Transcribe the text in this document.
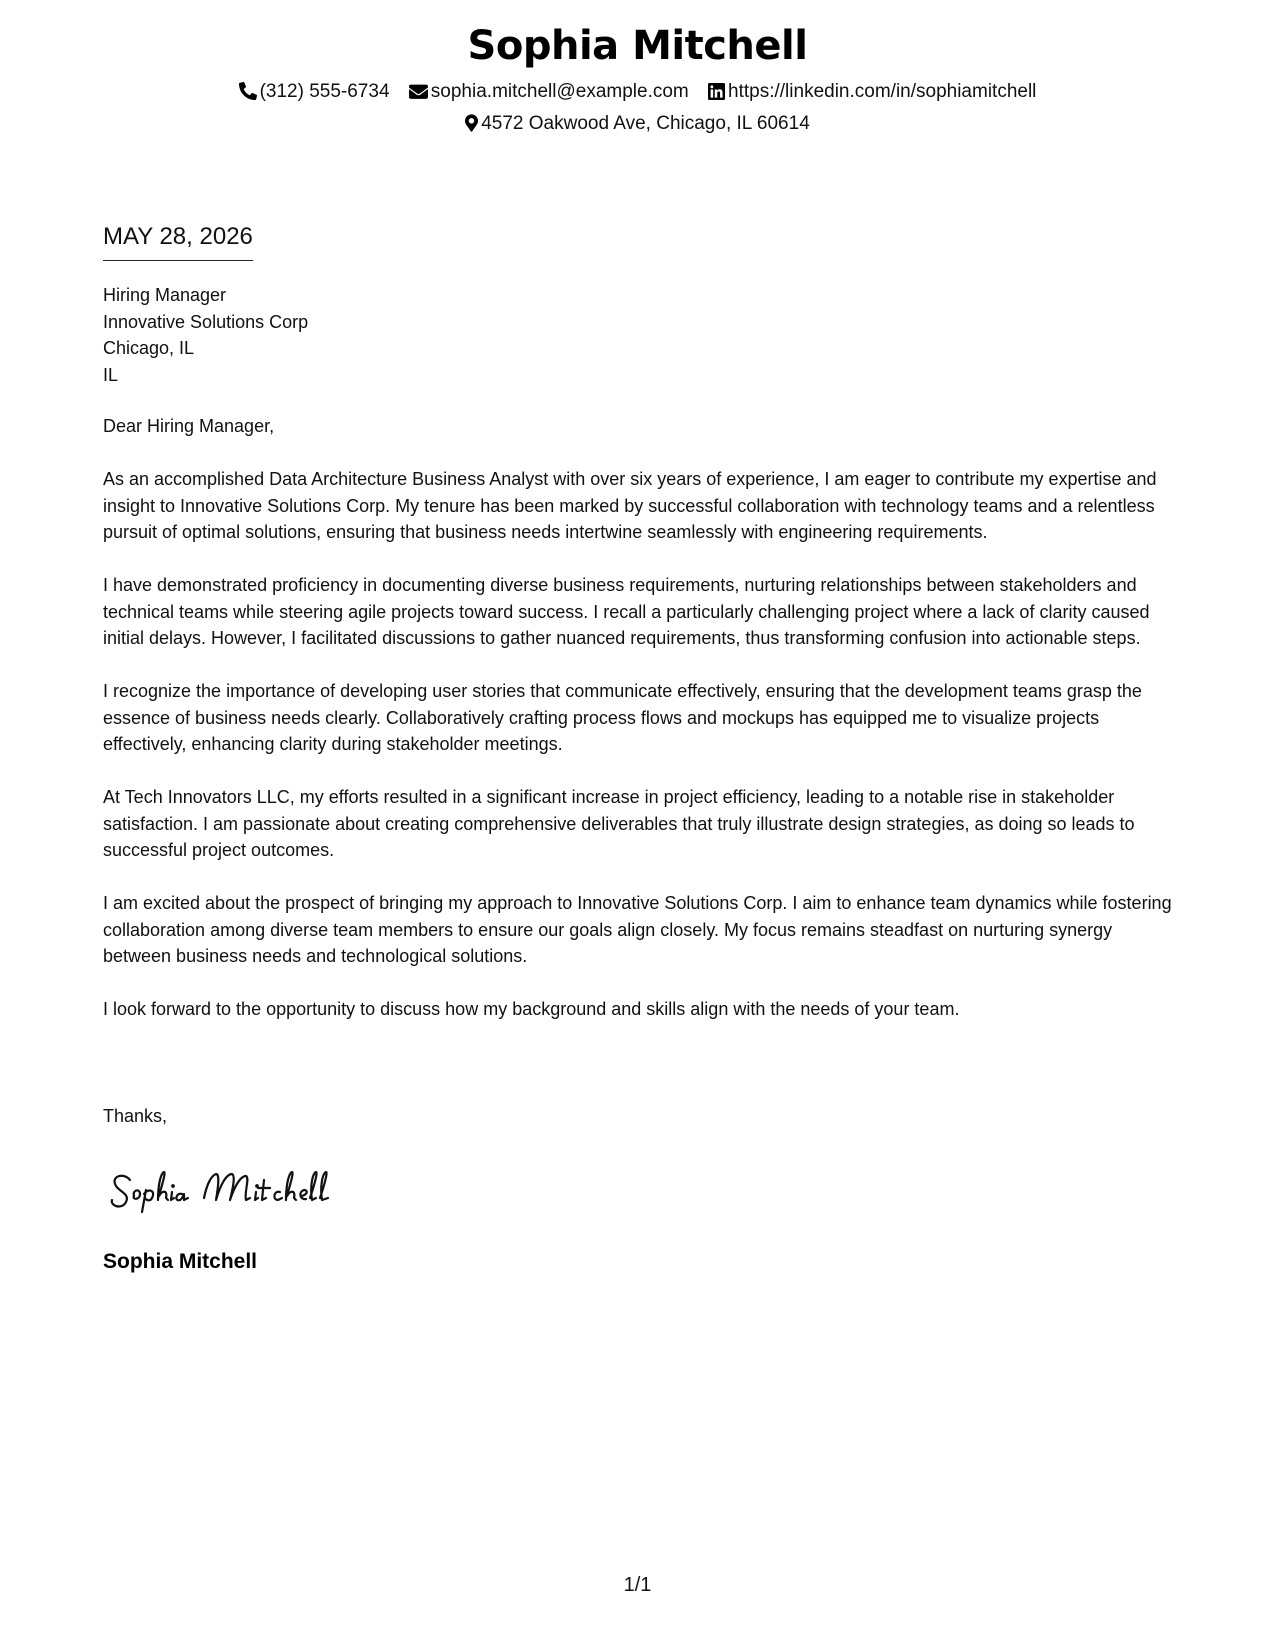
Sophia Mitchell
(312) 555-6734 sophia.mitchell@example.com https://linkedin.com/in/sophiamitchell
4572 Oakwood Ave, Chicago, IL 60614
MAY 28, 2026
Hiring Manager
Innovative Solutions Corp
Chicago, IL
IL

Dear Hiring Manager,

As an accomplished Data Architecture Business Analyst with over six years of experience, I am eager to contribute my expertise and insight to Innovative Solutions Corp. My tenure has been marked by successful collaboration with technology teams and a relentless pursuit of optimal solutions, ensuring that business needs intertwine seamlessly with engineering requirements.

I have demonstrated proficiency in documenting diverse business requirements, nurturing relationships between stakeholders and technical teams while steering agile projects toward success. I recall a particularly challenging project where a lack of clarity caused initial delays. However, I facilitated discussions to gather nuanced requirements, thus transforming confusion into actionable steps.

I recognize the importance of developing user stories that communicate effectively, ensuring that the development teams grasp the essence of business needs clearly. Collaboratively crafting process flows and mockups has equipped me to visualize projects effectively, enhancing clarity during stakeholder meetings.

At Tech Innovators LLC, my efforts resulted in a significant increase in project efficiency, leading to a notable rise in stakeholder satisfaction. I am passionate about creating comprehensive deliverables that truly illustrate design strategies, as doing so leads to successful project outcomes.

I am excited about the prospect of bringing my approach to Innovative Solutions Corp. I aim to enhance team dynamics while fostering collaboration among diverse team members to ensure our goals align closely. My focus remains steadfast on nurturing synergy between business needs and technological solutions.

I look forward to the opportunity to discuss how my background and skills align with the needs of your team.

Thanks,
Sophia Mitchell
1/1
